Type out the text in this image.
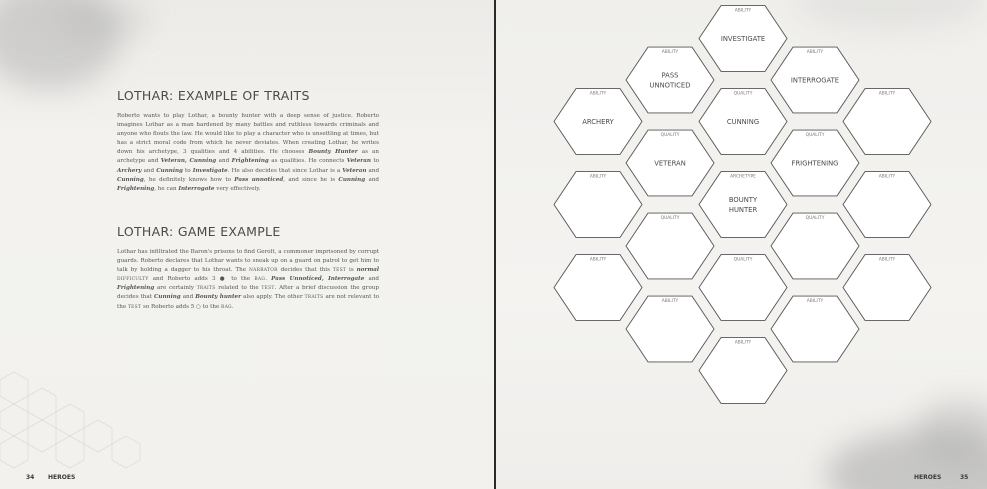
LOTHAR: EXAMPLE OF TRAITS

Roberto wants to play Lothar, a bounty hunter with a deep sense of justice. Roberto imagines Lothar as a man hardened by many battles and ruthless towards criminals and anyone who flouts the law. He would like to play a character who is unsettling at times, but has a strict moral code from which he never deviates. When creating Lothar, he writes down his archetype, 3 qualities and 4 abilities. He chooses Bounty Hunter as an archetype and Veteran, Cunning and Frightening as qualities. He connects Veteran to Archery and Cunning to Investigate. He also decides that since Lothar is a Veteran and Cunning, he definitely knows how to Pass unnoticed, and since he is Cunning and Frightening, he can Interrogate very effectively.

LOTHAR: GAME EXAMPLE

Lothar has infiltrated the Baron's prisons to find Gerolt, a commoner imprisoned by corrupt guards. Roberto declares that Lothar wants to sneak up on a guard on patrol to get him to talk by holding a dagger to his throat. The NARRATOR decides that this TEST is normal DIFFICULTY and Roberto adds 3 ● to the BAG. Pass Unnoticed, Interrogate and Frightening are certainly TRAITS related to the TEST. After a brief discussion the group decides that Cunning and Bounty hunter also apply. The other TRAITS are not relevant to the TEST so Roberto adds 5 ○ to the BAG.

34 HEROES
ABILITY
ARCHERY
ABILITY
ABILITY
ABILITY
PASS
UNNOTICED
QUALITY
VETERAN
QUALITY
ABILITY
ABILITY
INVESTIGATE
QUALITY
CUNNING
ARCHETYPE
BOUNTY
HUNTER
QUALITY
ABILITY
ABILITY
INTERROGATE
QUALITY
FRIGHTENING
QUALITY
ABILITY
ABILITY
ABILITY
ABILITY
HEROES	35
